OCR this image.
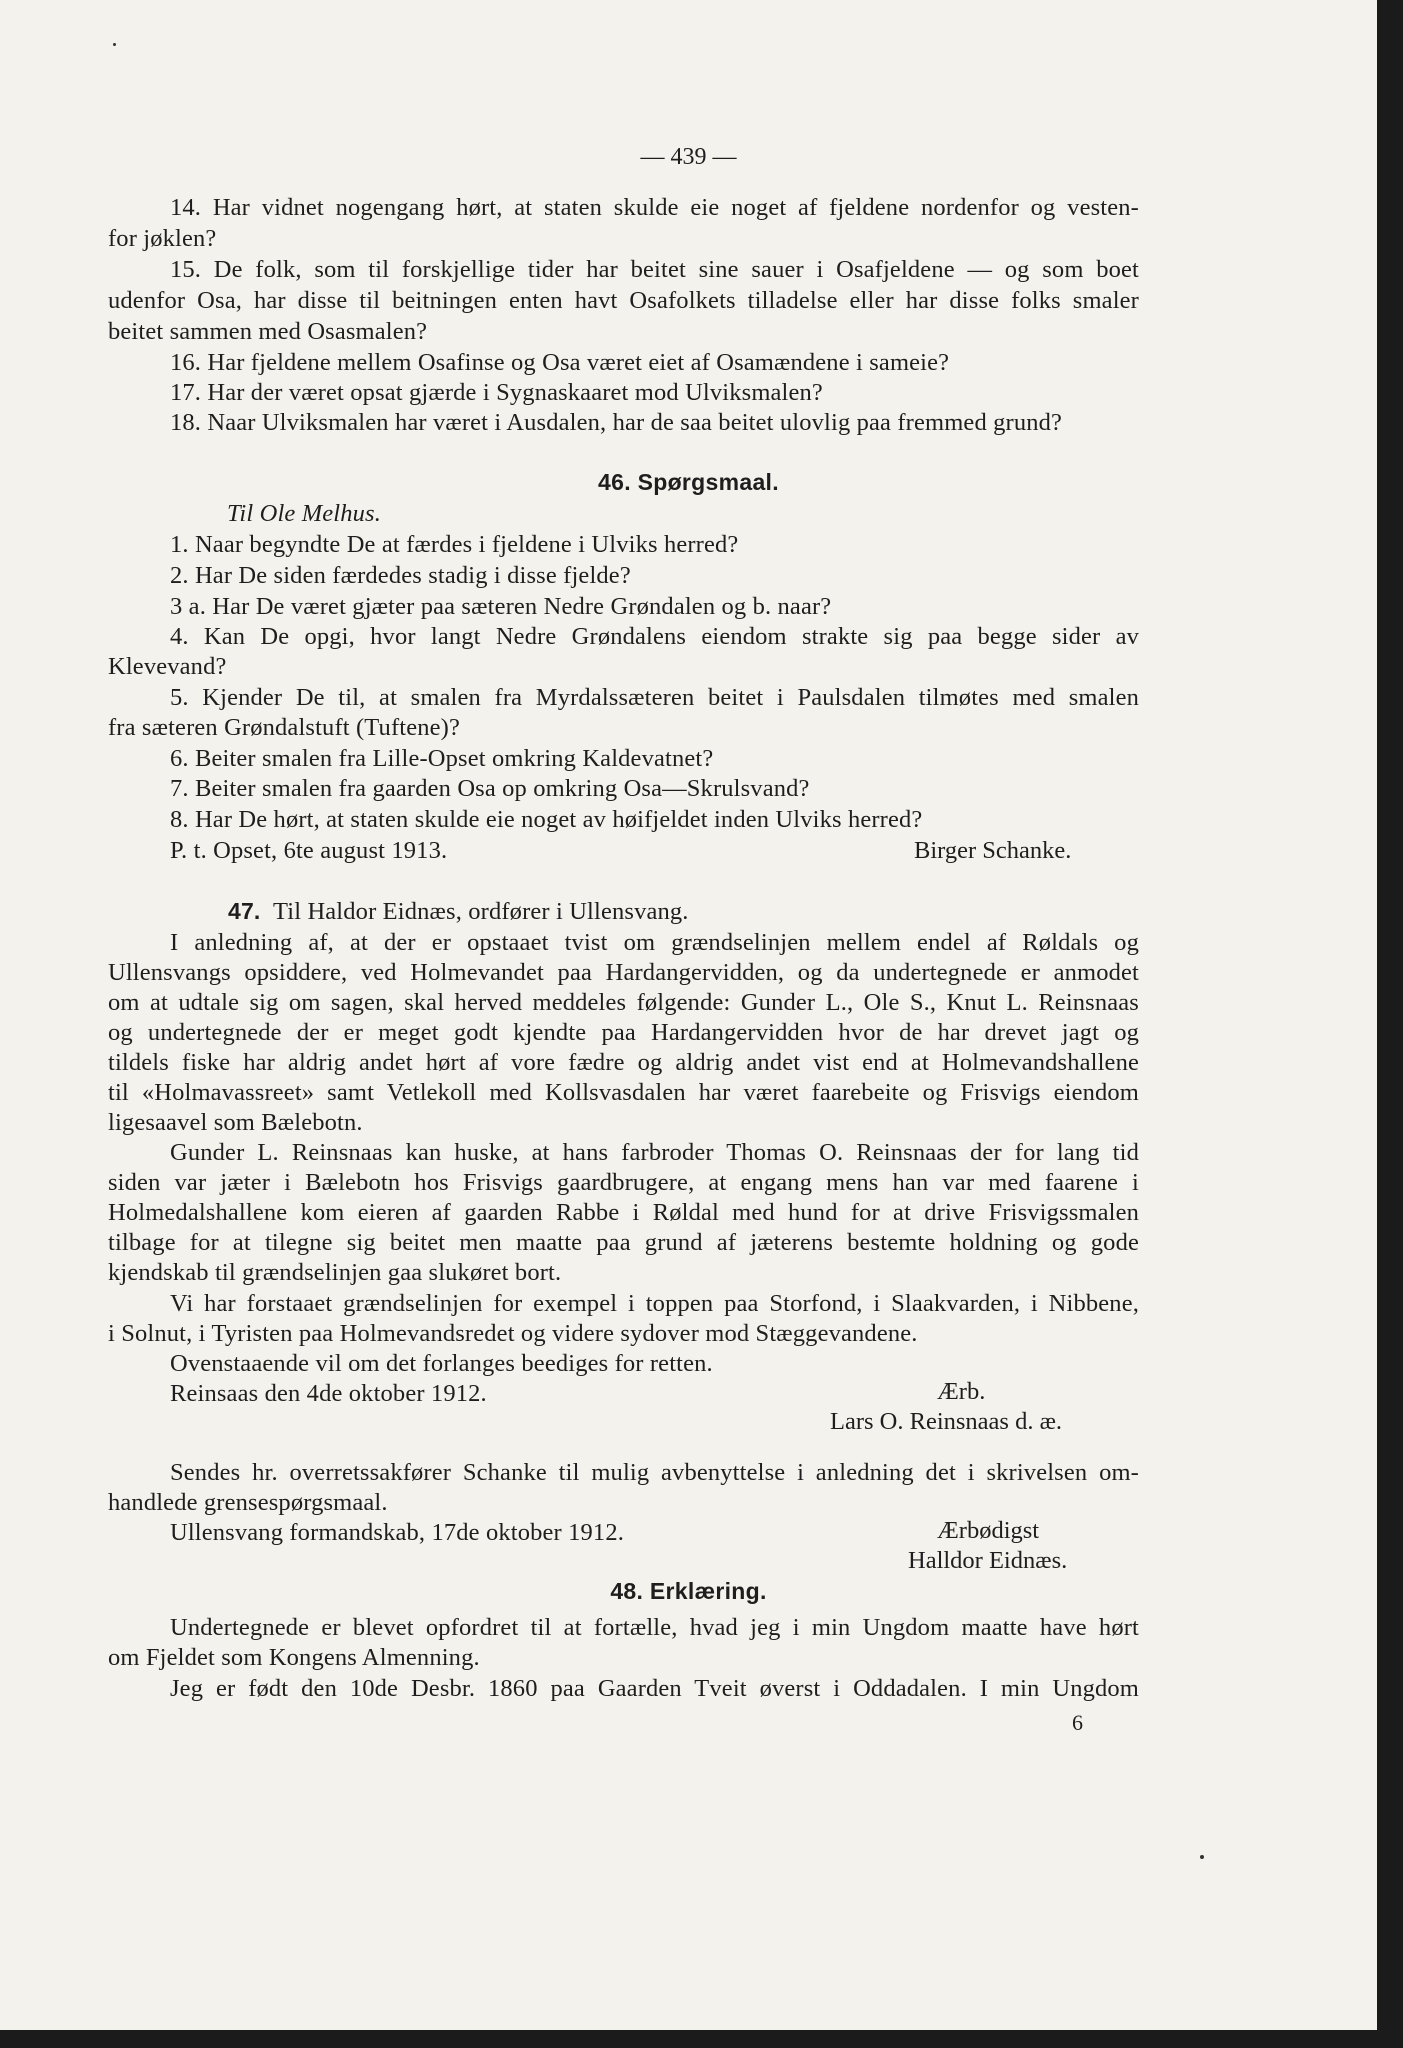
— 439 —
14. Har vidnet nogengang hørt, at staten skulde eie noget af fjeldene nordenfor og vesten-
for jøklen?
15. De folk, som til forskjellige tider har beitet sine sauer i Osafjeldene — og som boet
udenfor Osa, har disse til beitningen enten havt Osafolkets tilladelse eller har disse folks smaler
beitet sammen med Osasmalen?
16. Har fjeldene mellem Osafinse og Osa været eiet af Osamændene i sameie?
17. Har der været opsat gjærde i Sygnaskaaret mod Ulviksmalen?
18. Naar Ulviksmalen har været i Ausdalen, har de saa beitet ulovlig paa fremmed grund?
46. Spørgsmaal.
Til Ole Melhus.
1. Naar begyndte De at færdes i fjeldene i Ulviks herred?
2. Har De siden færdedes stadig i disse fjelde?
3 a. Har De været gjæter paa sæteren Nedre Grøndalen og b. naar?
4. Kan De opgi, hvor langt Nedre Grøndalens eiendom strakte sig paa begge sider av
Klevevand?
5. Kjender De til, at smalen fra Myrdalssæteren beitet i Paulsdalen tilmøtes med smalen
fra sæteren Grøndalstuft (Tuftene)?
6. Beiter smalen fra Lille-Opset omkring Kaldevatnet?
7. Beiter smalen fra gaarden Osa op omkring Osa—Skrulsvand?
8. Har De hørt, at staten skulde eie noget av høifjeldet inden Ulviks herred?
P. t. Opset, 6te august 1913.	Birger Schanke.
47. Til Haldor Eidnæs, ordfører i Ullensvang.
I anledning af, at der er opstaaet tvist om grændselinjen mellem endel af Røldals og
Ullensvangs opsiddere, ved Holmevandet paa Hardangervidden, og da undertegnede er anmodet
om at udtale sig om sagen, skal herved meddeles følgende: Gunder L., Ole S., Knut L. Reinsnaas
og undertegnede der er meget godt kjendte paa Hardangervidden hvor de har drevet jagt og
tildels fiske har aldrig andet hørt af vore fædre og aldrig andet vist end at Holmevandshallene
til «Holmavassreet» samt Vetlekoll med Kollsvasdalen har været faarebeite og Frisvigs eiendom
ligesaavel som Bælebotn.
Gunder L. Reinsnaas kan huske, at hans farbroder Thomas O. Reinsnaas der for lang tid
siden var jæter i Bælebotn hos Frisvigs gaardbrugere, at engang mens han var med faarene i
Holmedalshallene kom eieren af gaarden Rabbe i Røldal med hund for at drive Frisvigssmalen
tilbage for at tilegne sig beitet men maatte paa grund af jæterens bestemte holdning og gode
kjendskab til grændselinjen gaa slukøret bort.
Vi har forstaaet grændselinjen for exempel i toppen paa Storfond, i Slaakvarden, i Nibbene,
i Solnut, i Tyristen paa Holmevandsredet og videre sydover mod Stæggevandene.
Ovenstaaende vil om det forlanges beediges for retten.
Reinsaas den 4de oktober 1912.	Ærb.
Lars O. Reinsnaas d. æ.
Sendes hr. overretssakfører Schanke til mulig avbenyttelse i anledning det i skrivelsen om-
handlede grensespørgsmaal.
Ullensvang formandskab, 17de oktober 1912.	Ærbødigst
Halldor Eidnæs.
48. Erklæring.
Undertegnede er blevet opfordret til at fortælle, hvad jeg i min Ungdom maatte have hørt
om Fjeldet som Kongens Almenning.
Jeg er født den 10de Desbr. 1860 paa Gaarden Tveit øverst i Oddadalen. I min Ungdom
6
